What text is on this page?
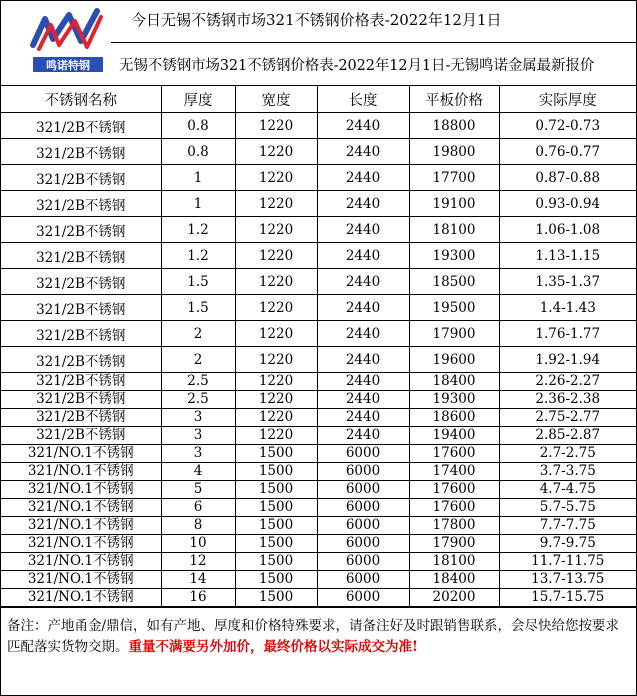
鸣诺特钢
今日无锡不锈钢市场321不锈钢价格表-2022年12月1日
无锡不锈钢市场321不锈钢价格表-2022年12月1日-无锡鸣诺金属最新报价
不锈钢名称	厚度	宽度	长度	平板价格	实际厚度
321/2B不锈钢	0.8	1220	2440	18800	0.72-0.73
321/2B不锈钢	0.8	1220	2440	19800	0.76-0.77
321/2B不锈钢	1	1220	2440	17700	0.87-0.88
321/2B不锈钢	1	1220	2440	19100	0.93-0.94
321/2B不锈钢	1.2	1220	2440	18100	1.06-1.08
321/2B不锈钢	1.2	1220	2440	19300	1.13-1.15
321/2B不锈钢	1.5	1220	2440	18500	1.35-1.37
321/2B不锈钢	1.5	1220	2440	19500	1.4-1.43
321/2B不锈钢	2	1220	2440	17900	1.76-1.77
321/2B不锈钢	2	1220	2440	19600	1.92-1.94
321/2B不锈钢	2.5	1220	2440	18400	2.26-2.27
321/2B不锈钢	2.5	1220	2440	19300	2.36-2.38
321/2B不锈钢	3	1220	2440	18600	2.75-2.77
321/2B不锈钢	3	1220	2440	19400	2.85-2.87
321/NO.1不锈钢	3	1500	6000	17600	2.7-2.75
321/NO.1不锈钢	4	1500	6000	17400	3.7-3.75
321/NO.1不锈钢	5	1500	6000	17600	4.7-4.75
321/NO.1不锈钢	6	1500	6000	17600	5.7-5.75
321/NO.1不锈钢	8	1500	6000	17800	7.7-7.75
321/NO.1不锈钢	10	1500	6000	17900	9.7-9.75
321/NO.1不锈钢	12	1500	6000	18100	11.7-11.75
321/NO.1不锈钢	14	1500	6000	18400	13.7-13.75
321/NO.1不锈钢	16	1500	6000	20200	15.7-15.75
备注：产地甬金/鼎信，如有产地、厚度和价格特殊要求，请备注好及时跟销售联系，会尽快给您按要求匹配落实货物交期。重量不满要另外加价，最终价格以实际成交为准!
